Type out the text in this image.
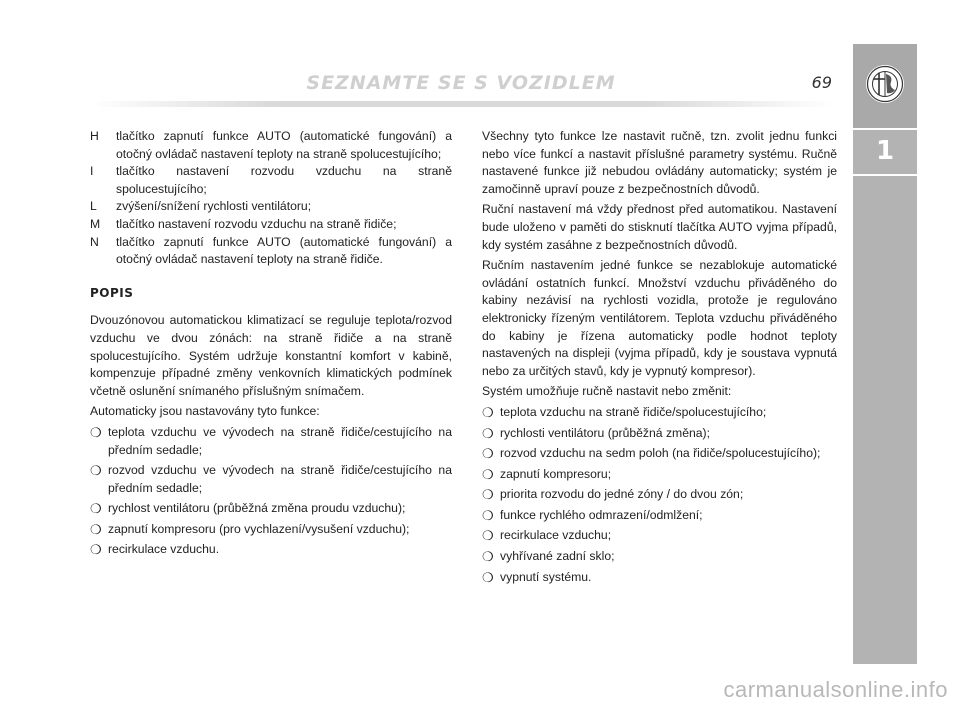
SEZNAMTE SE S VOZIDLEM	69
1
H	tlačítko zapnutí funkce AUTO (automatické fungování) a otočný ovládač nastavení teploty na straně spolucestujícího;
I	tlačítko nastavení rozvodu vzduchu na straně spolucestujícího;
L	zvýšení/snížení rychlosti ventilátoru;
M	tlačítko nastavení rozvodu vzduchu na straně řidiče;
N	tlačítko zapnutí funkce AUTO (automatické fungování) a otočný ovládač nastavení teploty na straně řidiče.
POPIS

Dvouzónovou automatickou klimatizací se reguluje teplota/rozvod vzduchu ve dvou zónách: na straně řidiče a na straně spolucestujícího. Systém udržuje konstantní komfort v kabině, kompenzuje případné změny venkovních klimatických podmínek včetně oslunění snímaného příslušným snímačem.

Automaticky jsou nastavovány tyto funkce:

❍ teplota vzduchu ve vývodech na straně řidiče/cestujícího na předním sedadle;
❍ rozvod vzduchu ve vývodech na straně řidiče/cestujícího na předním sedadle;
❍ rychlost ventilátoru (průběžná změna proudu vzduchu);
❍ zapnutí kompresoru (pro vychlazení/vysušení vzduchu);
❍ recirkulace vzduchu.

Všechny tyto funkce lze nastavit ručně, tzn. zvolit jednu funkci nebo více funkcí a nastavit příslušné parametry systému. Ručně nastavené funkce již nebudou ovládány automaticky; systém je zamočinně upraví pouze z bezpečnostních důvodů.

Ruční nastavení má vždy přednost před automatikou. Nastavení bude uloženo v paměti do stisknutí tlačítka AUTO vyjma případů, kdy systém zasáhne z bezpečnostních důvodů.

Ručním nastavením jedné funkce se nezablokuje automatické ovládání ostatních funkcí. Množství vzduchu přiváděného do kabiny nezávisí na rychlosti vozidla, protože je regulováno elektronicky řízeným ventilátorem. Teplota vzduchu přiváděného do kabiny je řízena automaticky podle hodnot teploty nastavených na displeji (vyjma případů, kdy je soustava vypnutá nebo za určitých stavů, kdy je vypnutý kompresor).

Systém umožňuje ručně nastavit nebo změnit:

❍ teplota vzduchu na straně řidiče/spolucestujícího;
❍ rychlosti ventilátoru (průběžná změna);
❍ rozvod vzduchu na sedm poloh (na řidiče/spolucestujícího);
❍ zapnutí kompresoru;
❍ priorita rozvodu do jedné zóny / do dvou zón;
❍ funkce rychlého odmrazení/odmlžení;
❍ recirkulace vzduchu;
❍ vyhřívané zadní sklo;
❍ vypnutí systému.
carmanualsonline.info
